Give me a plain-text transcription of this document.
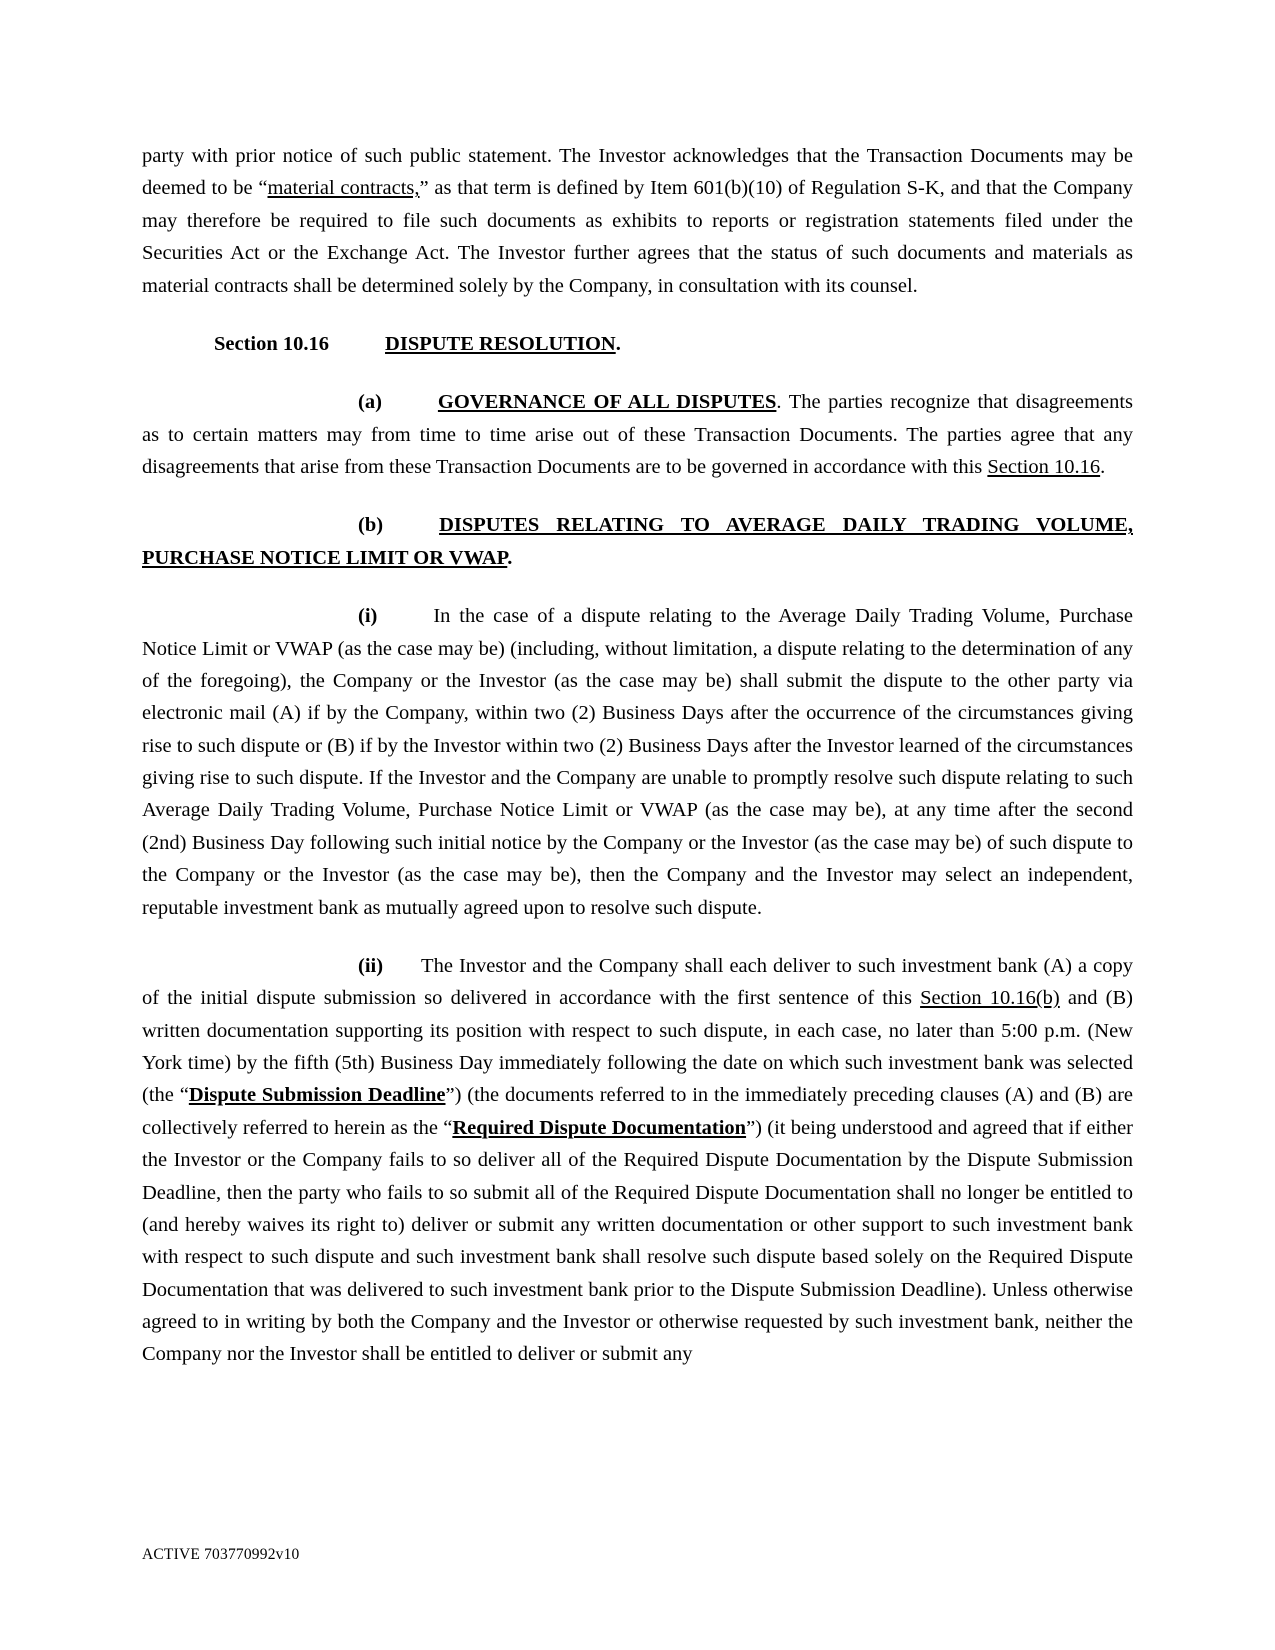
party with prior notice of such public statement. The Investor acknowledges that the Transaction Documents may be deemed to be “material contracts,” as that term is defined by Item 601(b)(10) of Regulation S-K, and that the Company may therefore be required to file such documents as exhibits to reports or registration statements filed under the Securities Act or the Exchange Act. The Investor further agrees that the status of such documents and materials as material contracts shall be determined solely by the Company, in consultation with its counsel.

Section 10.16	DISPUTE RESOLUTION.

(a)	GOVERNANCE OF ALL DISPUTES. The parties recognize that disagreements as to certain matters may from time to time arise out of these Transaction Documents. The parties agree that any disagreements that arise from these Transaction Documents are to be governed in accordance with this Section 10.16.

(b)	DISPUTES RELATING TO AVERAGE DAILY TRADING VOLUME, PURCHASE NOTICE LIMIT OR VWAP.

(i)	In the case of a dispute relating to the Average Daily Trading Volume, Purchase Notice Limit or VWAP (as the case may be) (including, without limitation, a dispute relating to the determination of any of the foregoing), the Company or the Investor (as the case may be) shall submit the dispute to the other party via electronic mail (A) if by the Company, within two (2) Business Days after the occurrence of the circumstances giving rise to such dispute or (B) if by the Investor within two (2) Business Days after the Investor learned of the circumstances giving rise to such dispute. If the Investor and the Company are unable to promptly resolve such dispute relating to such Average Daily Trading Volume, Purchase Notice Limit or VWAP (as the case may be), at any time after the second (2nd) Business Day following such initial notice by the Company or the Investor (as the case may be) of such dispute to the Company or the Investor (as the case may be), then the Company and the Investor may select an independent, reputable investment bank as mutually agreed upon to resolve such dispute.

(ii) The Investor and the Company shall each deliver to such investment bank (A) a copy of the initial dispute submission so delivered in accordance with the first sentence of this Section 10.16(b) and (B) written documentation supporting its position with respect to such dispute, in each case, no later than 5:00 p.m. (New York time) by the fifth (5th) Business Day immediately following the date on which such investment bank was selected (the “Dispute Submission Deadline”) (the documents referred to in the immediately preceding clauses (A) and (B) are collectively referred to herein as the “Required Dispute Documentation”) (it being understood and agreed that if either the Investor or the Company fails to so deliver all of the Required Dispute Documentation by the Dispute Submission Deadline, then the party who fails to so submit all of the Required Dispute Documentation shall no longer be entitled to (and hereby waives its right to) deliver or submit any written documentation or other support to such investment bank with respect to such dispute and such investment bank shall resolve such dispute based solely on the Required Dispute Documentation that was delivered to such investment bank prior to the Dispute Submission Deadline). Unless otherwise agreed to in writing by both the Company and the Investor or otherwise requested by such investment bank, neither the Company nor the Investor shall be entitled to deliver or submit any

ACTIVE 703770992v10
